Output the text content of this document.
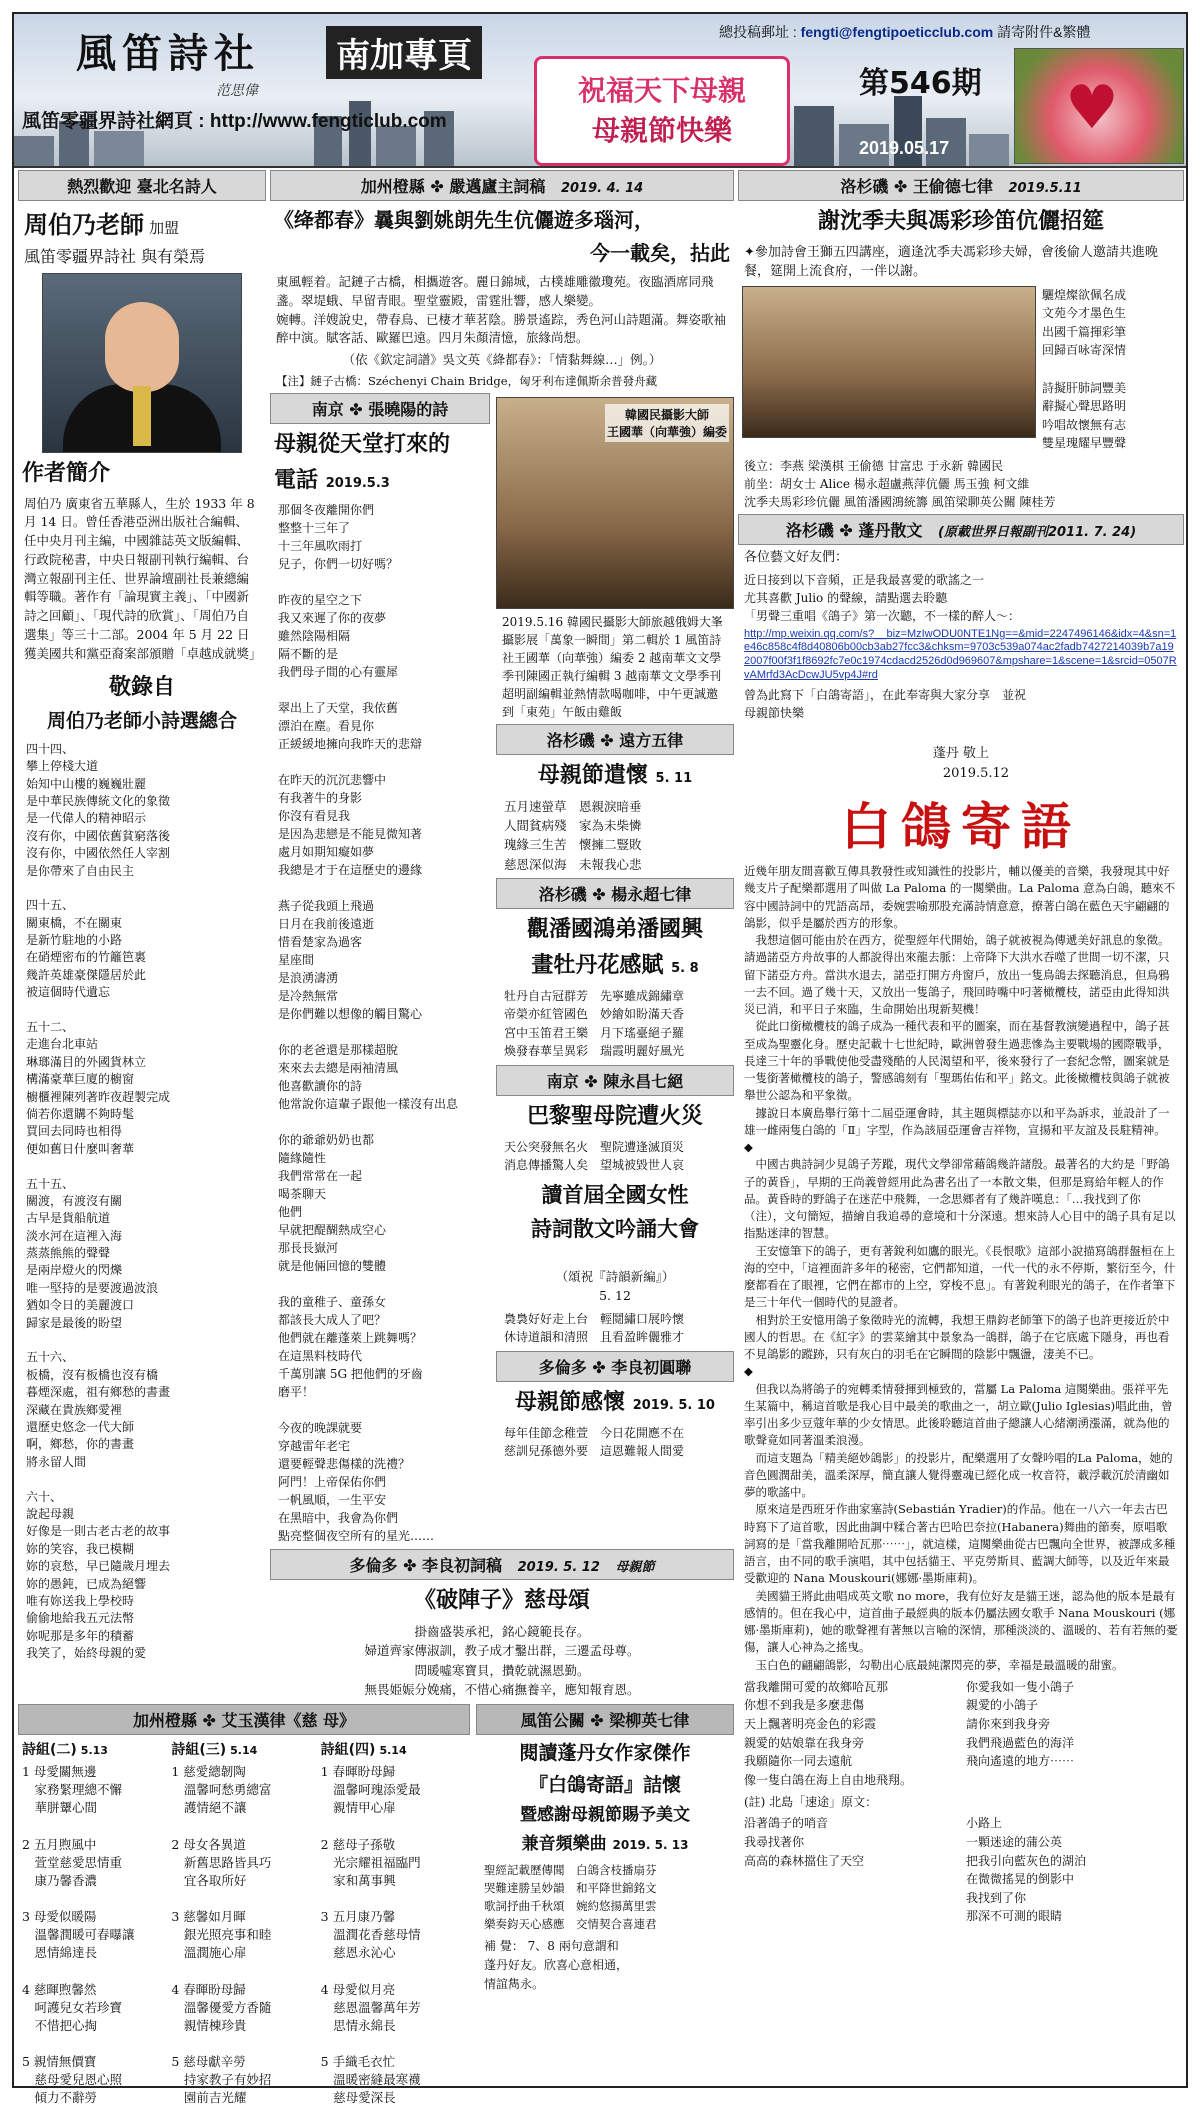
風笛詩社 南加專頁
范思偉
風笛零疆界詩社網頁 : http://www.fengticlub.com
總投稿郵址 : fengti@fengtipoeticclub.com 請寄附件&繁體
祝福天下母親
母親節快樂
第546期
2019.05.17
♥
熱烈歡迎 臺北名詩人
周伯乃老師 加盟
風笛零疆界詩社 與有榮焉
作者簡介
周伯乃 廣東省五華縣人，生於 1933 年 8 月 14 日。曾任香港亞洲出版社合編輯、任中央月刊主編，中國雜誌英文版編輯、行政院秘書，中央日報副刊執行編輯、台灣立報副刊主任、世界論壇副社長兼總編輯等職。著作有「論現實主義」、「中國新詩之回顧」、「現代詩的欣賞」、「周伯乃自選集」等三十二部。2004 年 5 月 22 日獲美國共和黨亞裔案部頒贈「卓越成就獎」
敬錄自
周伯乃老師小詩選總合
四十四、
攀上停棧大道
始知中山樓的巍巍壯麗
是中華民族傳統文化的象徵
是一代偉人的精神昭示
沒有你，中國依舊貧窮落後
沒有你，中國依然任人宰割
是你帶來了自由民主

四十五、
關東橋，不在關東
是新竹駐地的小路
在硝煙密布的竹籬笆裏
幾許英雄豪傑隱居於此
被這個時代遺忘

五十二、
走進台北車站
琳瑯滿目的外國貨林立
構滿豪華巨廈的櫥窗
櫥櫃裡陳列著昨夜趕製完成
倘若你還購不夠時髦
買回去同時也相得
便如舊日什麼叫奢華

五十五、
關渡，有渡沒有關
古早是貨船航道
淡水河在這裡入海
蒸蒸熊熊的聲聲
是兩岸燈火的閃爍
唯一堅持的是要渡過波浪
猶如令日的美麗渡口
歸家是最後的盼望

五十六、
板橋，沒有板橋也沒有橋
暮煙深處，祖有鄉愁的書畫
深藏在貴族鄉愛裡
還歷史悠念一代大師
啊，鄉愁，你的書畫
將永留人間

六十、
說起母親
好像是一則古老古老的故事
妳的笑容，我已模糊
妳的哀愁，早已隨歲月埋去
妳的愚鈍，已成為絕響
唯有妳送我上學校時
偷偷地給我五元法幣
妳呢那是多年的積蓄
我笑了，始終母親的愛
加州橙縣 ✤ 嚴邁廬主詞稿 2019. 4. 14
《绛都春》曩與劉姚朗先生伉儷遊多瑙河，
今一載矣，拈此
東風輕着。記鏈子古橋，相攜遊客。麗日錦城，古樸雄雕徽瓊苑。夜臨酒席同飛盞。翠堤蛾、早留青眼。聖堂靈殿，雷霆壯響，感人樂變。
婉轉。洋嫂說史，帶春鳥、已棲才華茗陰。勝景遙踪，秀色河山詩題滿。舞姿歌袖醉中演。賦客話、歐羅巴遠。四月朱顏清憶，旅緣尚想。
（依《欽定詞譜》吳文英《絳都春》：「情黏舞線…」例。）
【注】鏈子古橋：Széchenyi Chain Bridge，匈牙利布達佩斯余普發舟藏
南京 ✤ 張曉陽的詩
母親從天堂打來的
電話 2019.5.3
那個冬夜離開你們
整整十三年了
十三年風吹雨打
兒子，你們一切好嗎？

昨夜的星空之下
我又來遲了你的夜夢
雖然陰陽相隔
隔不斷的是
我們母子間的心有靈犀

翠出上了天堂，我依舊
漂泊在塵。看見你
正緩緩地擁向我昨天的悲辯

在昨天的沉沉悲響中
有我著牛的身影
你沒有看見我
是因為悲戀是不能見微知著
處月如期知癡如夢
我總是才于在這歷史的邊緣

燕子從我頭上飛過
日月在我前後遠逝
惜看楚家為過客
星座間
是浪湧濤湧
是冷熱無常
是你們難以想像的觸目驚心

你的老爸還是那樣超脫
來來去去總是兩袖清風
他喜歡讀你的詩
他常說你這輩子跟他一樣沒有出息

你的爺爺奶奶也都
隨緣隨性
我們常常在一起
喝茶聊天
他們
早就把醍醐熱成空心
那長長嶽河
就是他倆回憶的雙體

我的童稚子、童孫女
都該長大成人了吧？
他們就在離蓬萊上跳舞嗎？
在這黑料枝時代
千萬別讓 5G 把他們的牙齒
磨平！

今夜的晚課就要
穿越雷年老宅
還要輕聲悲傷樣的洗禮？
阿門！上帝保佑你們
一帆風順，一生平安
在黑暗中，我會為你們
點亮整個夜空所有的星光……
韓國民攝影大師
王國華（向華強）編委
2019.5.16 韓國民攝影大師旅越俄姆大峯攝影展「萬象一瞬間」第二輯於 1 風笛詩社王國華（向華強）編委 2 越南華文文學季刊陳國正執行編輯 3 越南華文文學季刊超明副編輯並熱情款喝咖啡，中午更誠邀到「東苑」午飯由雞飯
洛杉磯 ✤ 遠方五律
母親節遣懷 5. 11
五月速螢草　恩親淚暗垂
人間貧病殘　家為未柴憐
瑰緣三生苦　懷擁二豎敗
慈恩深似海　未報我心悲
洛杉磯 ✤ 楊永超七律
觀潘國鴻弟潘國興
畫牡丹花感賦 5. 8
牡丹自古冠群芳　先寧雖成錦繡章
帝榮亦紅管國色　妙繪如盼滿天香
宮中玉笛君王樂　月下瑤臺絕子羅
煥發春華呈異彩　瑞霞明麗好風光
南京 ✤ 陳永昌七絕
巴黎聖母院遭火災
天公突發無名火　聖院遭逢滅頂災
消息傳播驚人矣　望城被毀世人哀
讀首屆全國女性
詩詞散文吟誦大會

（頌祝『詩韻新編』）
5. 12

裊裊好好走上台　輕鬩繡口展吟懷
休诗道韻和清照　且看盈眸儷雅才
多倫多 ✤ 李良初圓聯
母親節感懷 2019. 5. 10
每年佳節念稚萱　今日花開應不在
慈訓兒孫德外要　這恩難報人間愛
多倫多 ✤ 李良初詞稿 2019. 5. 12 母親節
《破陣子》慈母頌
掛齒盛裝承祀，銘心鏡範長存。
婦道齊家傳淑訓，教子成才鑿出群，三遷孟母尊。
問暖噓寒寶貝，攢乾就濕恩勤。
無畏姫娠分娩痛，不惜心痛撫養辛，應知報育恩。
洛杉磯 ✤ 王偷德七律 2019.5.11
謝沈季夫與馮彩珍笛伉儷招筵
✦參加詩會王獅五四講座，適逢沈季夫馮彩珍夫婦，會後偷人邀請共進晚餐，筵開上流食府，一伴以謝。
驪煌燦欲佩名成
文苑今才墨色生
出國千篇揮彩筆
回歸百咏寄深情

詩擬肝肺詞豐美
辭擬心聲思路明
吟唱故懷無有志
雙星瑰耀早豐聲
後立：李燕 梁漢棋 王偷德 甘富忠 于永新 韓國民
前坐：胡女士 Alice 楊永超盧燕萍伉儷 馬玉強 柯文維
沈季夫馬彩珍伉儷 風笛潘國鴻統籌 風笛梁聊英公關 陳桂芳
洛杉磯 ✤ 蓬丹散文 (原載世界日報副刊2011. 7. 24)
各位藝文好友們：
近日接到以下音頻，正是我最喜愛的歌謠之一
尤其喜歡 Julio 的聲線，請點選去聆聽
「男聲三重唱《鴿子》第一次聽，不一樣的醉人～：
http://mp.weixin.qq.com/s?__biz=MzIwODU0NTE1Ng==&mid=2247496146&idx=4&sn=1e46c858c4f8d40806b00cb3ab27fcc3&chksm=9703c539a074ac2fadb7427214039b7a192007f00f3f1f8692fc7e0c1974cdacd2526d0d969607&mpshare=1&scene=1&srcid=0507RvAMrfd3AcDcwJU5vp4J#rd
曾為此寫下「白鴿寄語」，在此奉寄與大家分享　並祝
母親節快樂

蓬丹 敬上
2019.5.12

白鴿寄語
近幾年朋友間喜歡互傳具教發性或知識性的投影片，輔以優美的音樂，我發現其中好幾支片子配樂都選用了叫做 La Paloma 的一闋樂曲。La Paloma 意為白鴿，聽來不容中國詩詞中的咒語高昂，委婉雲喻那股充滿詩情意意，撩著白鴿在藍色天宇翩翩的鴿影，似乎是屬於西方的形象。
　我想這個可能由於在西方，從聖經年代開始，鴿子就被視為傳遞美好訊息的象徵。請過諾亞方舟故事的人都說得出來龍去脈：上帝降下大洪水吞噬了世間一切不潔，只留下諾亞方舟。當洪水退去，諾亞打開方舟窗戶，放出一隻鳥鴿去探聽消息，但鳥鴉一去不回。過了幾十天，又放出一隻鴿子，飛回時嘴中叼著橄欖枝，諾亞由此得知洪災已消，和平日子來臨，生命開始出現新契機！
　從此口銜橄欖枝的鴿子成為一種代表和平的圖案，而在基督教演變過程中，鴿子甚至成為聖靈化身。歷史記載十七世紀時，歐洲曾發生過悲慘為主要戰場的國際戰爭，長達三十年的爭戰使他受盡殘酷的人民渴望和平，後來發行了一套紀念幣，圖案就是一隻銜著橄欖枝的鴿子，警感鴿刻有「聖瑪佑佑和平」銘文。此後橄欖枝與鴿子就被舉世公認為和平象徵。
　據說日本廣島舉行第十二屆亞運會時，其主題與標誌亦以和平為訴求，並設計了一雄一雌兩隻白鴿的「Ⅱ」字型，作為該屆亞運會吉祥物，宣揚和平友誼及長駐精神。
◆
　中國古典詩詞少見鴿子芳蹤，現代文學卻常藉鴿幾許諸殷。最著名的大約是「野鴿子的黃昏」，早期的王尚義曾經用此為書名出了一本散文集，但那是寫給年輕人的作品。黃昏時的野鴿子在迷茫中飛舞，一念思鄉者有了幾許嘆息：「…我找到了你（注），文句簡短，描繪自我追尋的意境和十分深遠。想來詩人心目中的鴿子具有足以指點迷津的智慧。
　王安憶筆下的鴿子，更有著銳利如鷹的眼光。《長恨歌》這部小說描寫鴿群盤桓在上海的空中，「這裡面許多年的秘密，它們都知道，一代一代的永不停斯，繁衍至今，什麼都看在了眼裡，它們在都市的上空，穿梭不息」。有著銳利眼光的鴿子，在作者筆下是三十年代一個時代的見證者。
　相對於王安憶用鴿子象徵時光的流轉，我想王鼎鈞老師筆下的鴿子也許更接近於中國人的哲思。在《紅字》的雲菜繪其中景象為一鴿群，鴿子在它底處下隱身，再也看不見鴿影的蹤跡，只有灰白的羽毛在它瞬間的陰影中飄盪，淒美不已。
◆
　但我以為將鴿子的宛轉柔情發揮到極致的，當屬 La Paloma 這闋樂曲。張祥平先生某篇中，稱這首歌是我心目中最美的歌曲之一，胡立歐(Julio Iglesias)唱此曲，曾率引出多少豆蔻年華的少女情思。此後聆聽這首曲子總讓人心緒潮湧漲滿，就為他的歌聲竟如同著溫柔浪漫。
　而這支題為「精美絕妙鴿影」的投影片，配樂選用了女聲吟唱的La Paloma，她的音色圓潤甜美，溫柔深厚，簡直讓人覺得靈魂已經化成一枚音符，載浮載沉於清幽如夢的歌謠中。
　原來這是西班牙作曲家塞詩(Sebastián Yradier)的作品。他在一八六一年去古巴時寫下了這首歌，因此曲調中糅合著古巴哈巴奈拉(Habanera)舞曲的節奏，原唱歌詞寫的是「當我離開哈瓦那⋯⋯」，就這樣，這闋樂曲從古巴飄向全世界，被譯成多種語言，由不同的歌手演唱，其中包括貓王、平克勞斯貝、藍調大師等，以及近年來最受歡迎的 Nana Mouskouri(娜娜·墨斯庫莉)。
　美國貓王將此曲唱成英文歌 no more，我有位好友是貓王迷，認為他的版本是最有感情的。但在我心中，這首曲子最經典的版本仍屬法國女歌手 Nana Mouskouri (娜娜·墨斯庫莉)，她的歌聲裡有著無以言喻的深情，那種淡淡的、溫暖的、若有若無的憂傷，讓人心神為之搖曳。
　玉白色的翩翩鴿影，勾勒出心底最純潔閃亮的夢，幸福是最溫暖的甜蜜。
當我離開可愛的故鄉哈瓦那
你想不到我是多麼悲傷
天上飄著明亮金色的彩霞
親愛的姑娘靠在我身旁
我願隨你一同去遠航
像一隻白鴿在海上自由地飛翔。
你愛我如一隻小鴿子
親愛的小鴿子
請你來到我身旁
我們飛過藍色的海洋
飛向遙遠的地方⋯⋯
(註) 北島「速途」原文：
沿著鴿子的哨音
我尋找著你
高高的森林擋住了天空
小路上
一顆迷途的蒲公英
把我引向藍灰色的湖泊
在微微搖晃的倒影中
我找到了你
那深不可測的眼睛
加州橙縣 ✤ 艾玉漢律《慈 母》
詩組(二) 5.13
1 母愛關無邊
　家務緊理總不懈
　華胼顰心間

2 五月煦風中
　萱堂慈愛思情重
　康乃馨香濃

3 母愛似暖陽
　溫馨潤暖可春曝讓
　恩情綿達長

4 慈暉煦馨然
　呵護兒女若珍寶
　不惜把心掏

5 親情無價寶
　慈母愛兒恩心照
　傾力不辭勞
詩組(三) 5.14
1 慈愛總韌陶
　溫馨呵愁勇總富
　護情絕不讓

2 母女各異道
　新舊思路皆具巧
　宜各取所好

3 慈馨如月暉
　銀光照亮事和睦
　溫潤施心扉

4 春暉盼母歸
　溫馨優愛方香隨
　親情棟珍貴

5 慈母獻辛勞
　持家教子有妙招
　園前吉光耀
詩組(四) 5.14
1 春暉盼母歸
　溫馨呵瑰添愛最
　親情甲心扉

2 慈母子孫敬
　光宗耀祖福臨門
　家和萬事興

3 五月康乃馨
　溫潤花香慈母情
　慈恩永沁心

4 母愛似月亮
　慈恩溫馨萬年芳
　思情永綿長

5 手織毛衣忙
　溫暖密縫最寒襪
　慈母愛深長
風笛公關 ✤ 梁柳英七律
閱讀蓬丹女作家傑作
『白鴿寄語』詰懷
暨感謝母親節賜予美文
兼音頻樂曲 2019. 5. 13
聖經記載歷傳聞　白鴿含枝播扇芬
哭難達勝呈妙韻　和平降世錦銘文
歌詞抒曲千秋頌　婉約悠揚萬里雲
樂奏鈞天心感應　交情契合喜連君
補 覺： 7、8 兩句意謂和
蓬丹好友。欣喜心意相通，
情誼雋永。
